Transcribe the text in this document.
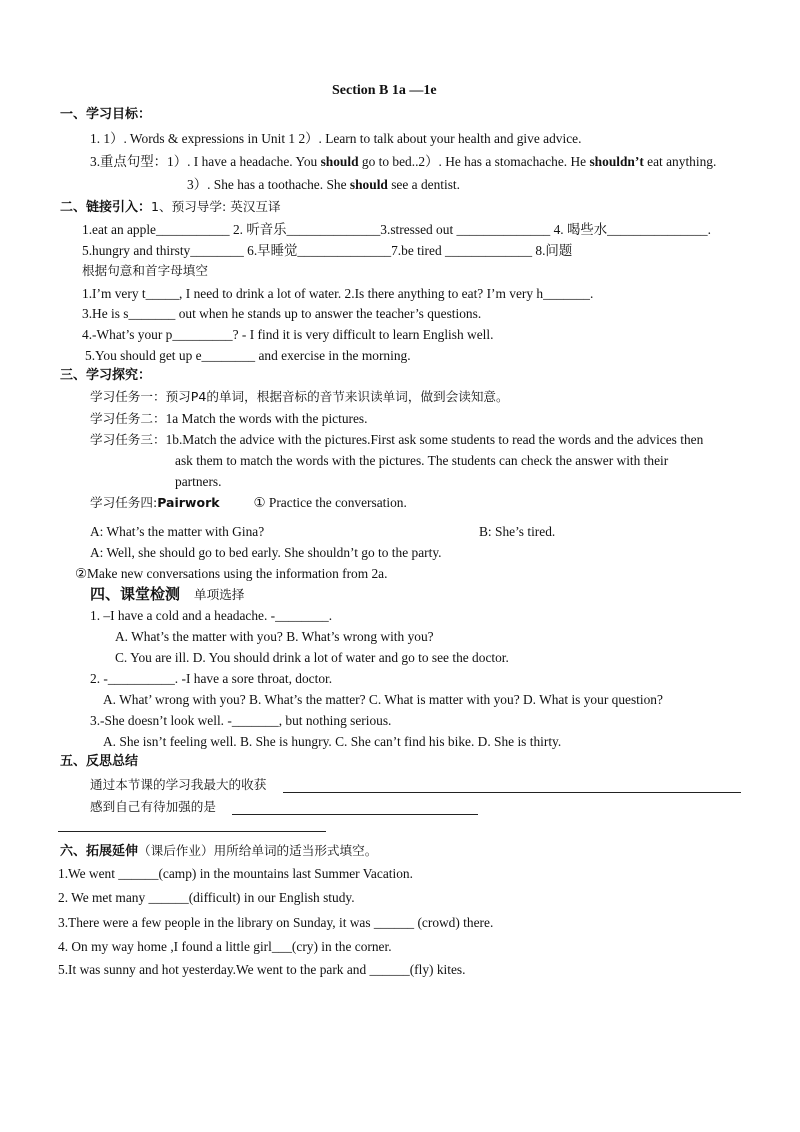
Section B 1a —1e
一、学习目标：
1. 1）. Words & expressions in Unit 1 2）. Learn to talk about your health and give advice.
3.重点句型：1）. I have a headache. You should go to bed..2）. He has a stomachache. He shouldn’t eat anything.
3）. She has a toothache. She should see a dentist.
二、链接引入：1、预习导学: 英汉互译
1.eat an apple___________ 2. 听音乐______________3.stressed out ______________ 4. 喝些水_______________.
5.hungry and thirsty________ 6.早睡觉______________7.be tired _____________ 8.问题
根据句意和首字母填空
1.I’m very t_____, I need to drink a lot of water. 2.Is there anything to eat? I’m very h_______.
3.He is s_______ out when he stands up to answer the teacher’s questions.
4.-What’s your p_________? - I find it is very difficult to learn English well.
5.You should get up e________ and exercise in the morning.
三、学习探究：
学习任务一：预习P4的单词，根据音标的音节来识读单词，做到会读知意。
学习任务二：1a Match the words with the pictures.
学习任务三：1b.Match the advice with the pictures.First ask some students to read the words and the advices then
ask them to match the words with the pictures. The students can check the answer with their
partners.
学习任务四:Pairwork	① Practice the conversation.
A: What’s the matter with Gina?	B: She’s tired.
A: Well, she should go to bed early. She shouldn’t go to the party.
②Make new conversations using the information from 2a.
四、课堂检测 单项选择
1. –I have a cold and a headache. -________.
A. What’s the matter with you? B. What’s wrong with you?
C. You are ill. D. You should drink a lot of water and go to see the doctor.
2. -__________. -I have a sore throat, doctor.
A. What’ wrong with you? B. What’s the matter? C. What is matter with you? D. What is your question?
3.-She doesn’t look well. -_______, but nothing serious.
A. She isn’t feeling well. B. She is hungry. C. She can’t find his bike. D. She is thirty.
五、反思总结
通过本节课的学习我最大的收获
感到自己有待加强的是
六、拓展延伸（课后作业）用所给单词的适当形式填空。
1.We went ______(camp) in the mountains last Summer Vacation.
2. We met many ______(difficult) in our English study.
3.There were a few people in the library on Sunday, it was ______ (crowd) there.
4. On my way home ,I found a little girl___(cry) in the corner.
5.It was sunny and hot yesterday.We went to the park and ______(fly) kites.
